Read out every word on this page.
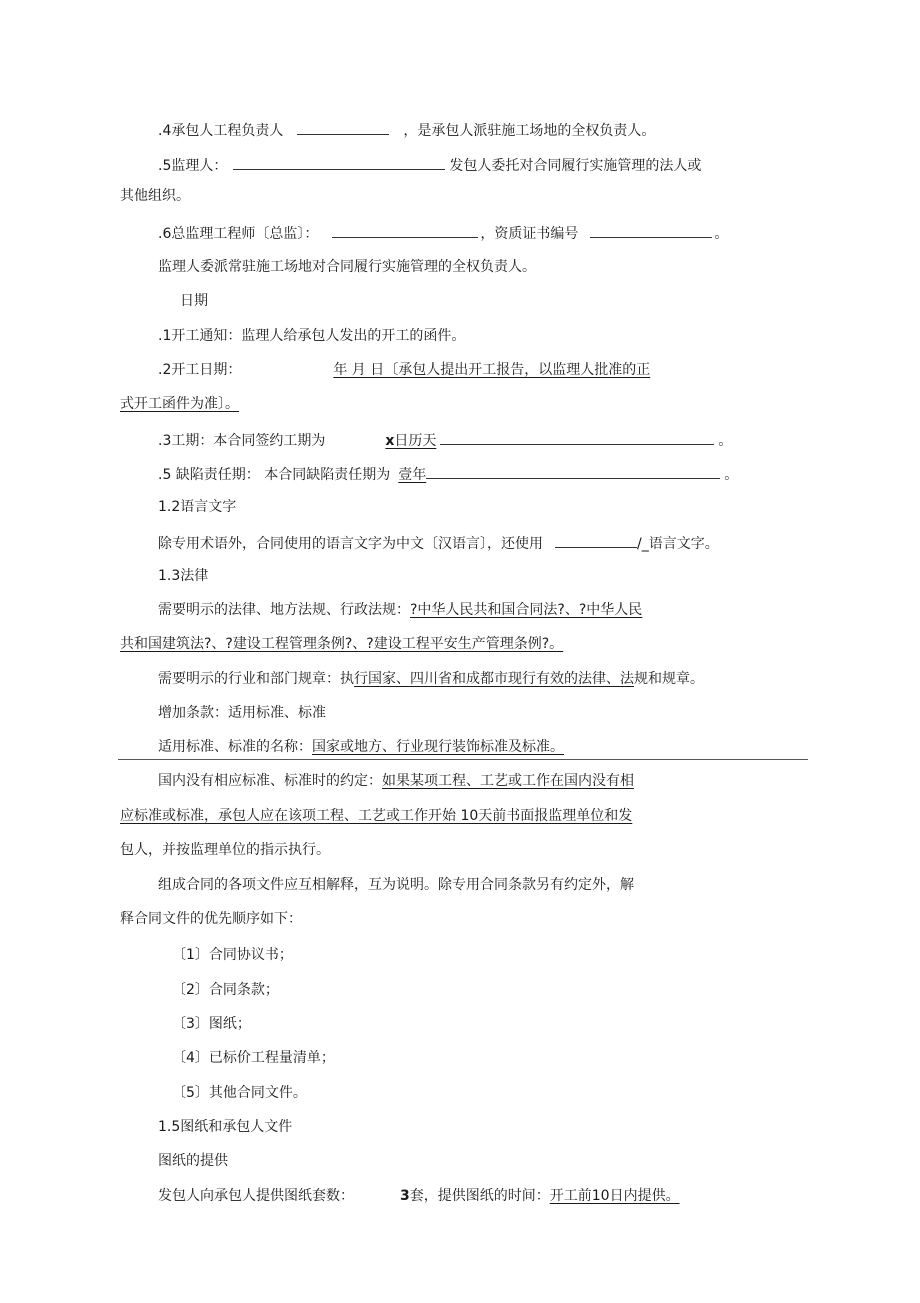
.4承包人工程负责人	，是承包人派驻施工场地的全权负责人。
.5监理人：	发包人委托对合同履行实施管理的法人或
其他组织。
.6总监理工程师〔总监〕：	，资质证书编号	。
监理人委派常驻施工场地对合同履行实施管理的全权负责人。
日期
.1开工通知：监理人给承包人发出的开工的函件。
.2开工日期：	年 月 日〔承包人提出开工报告，以监理人批准的正
式开工函件为准〕。
.3工期：本合同签约工期为	x日历天	。
.5 缺陷责任期： 本合同缺陷责任期为 壹年	。
1.2语言文字
除专用术语外，合同使用的语言文字为中文〔汉语言〕，还使用	/_语言文字。
1.3法律
需要明示的法律、地方法规、行政法规：?中华人民共和国合同法?、?中华人民
共和国建筑法?、?建设工程管理条例?、?建设工程平安生产管理条例?。
需要明示的行业和部门规章：执行国家、四川省和成都市现行有效的法律、法规和规章。
增加条款：适用标准、标准
适用标准、标准的名称：国家或地方、行业现行装饰标准及标准。
国内没有相应标准、标准时的约定：如果某项工程、工艺或工作在国内没有相
应标准或标准，承包人应在该项工程、工艺或工作开始 10天前书面报监理单位和发
包人，并按监理单位的指示执行。
组成合同的各项文件应互相解释，互为说明。除专用合同条款另有约定外，解
释合同文件的优先顺序如下：
〔1〕合同协议书；
〔2〕合同条款；
〔3〕图纸；
〔4〕已标价工程量清单；
〔5〕其他合同文件。
1.5图纸和承包人文件
图纸的提供
发包人向承包人提供图纸套数：	3套，提供图纸的时间：开工前10日内提供。
